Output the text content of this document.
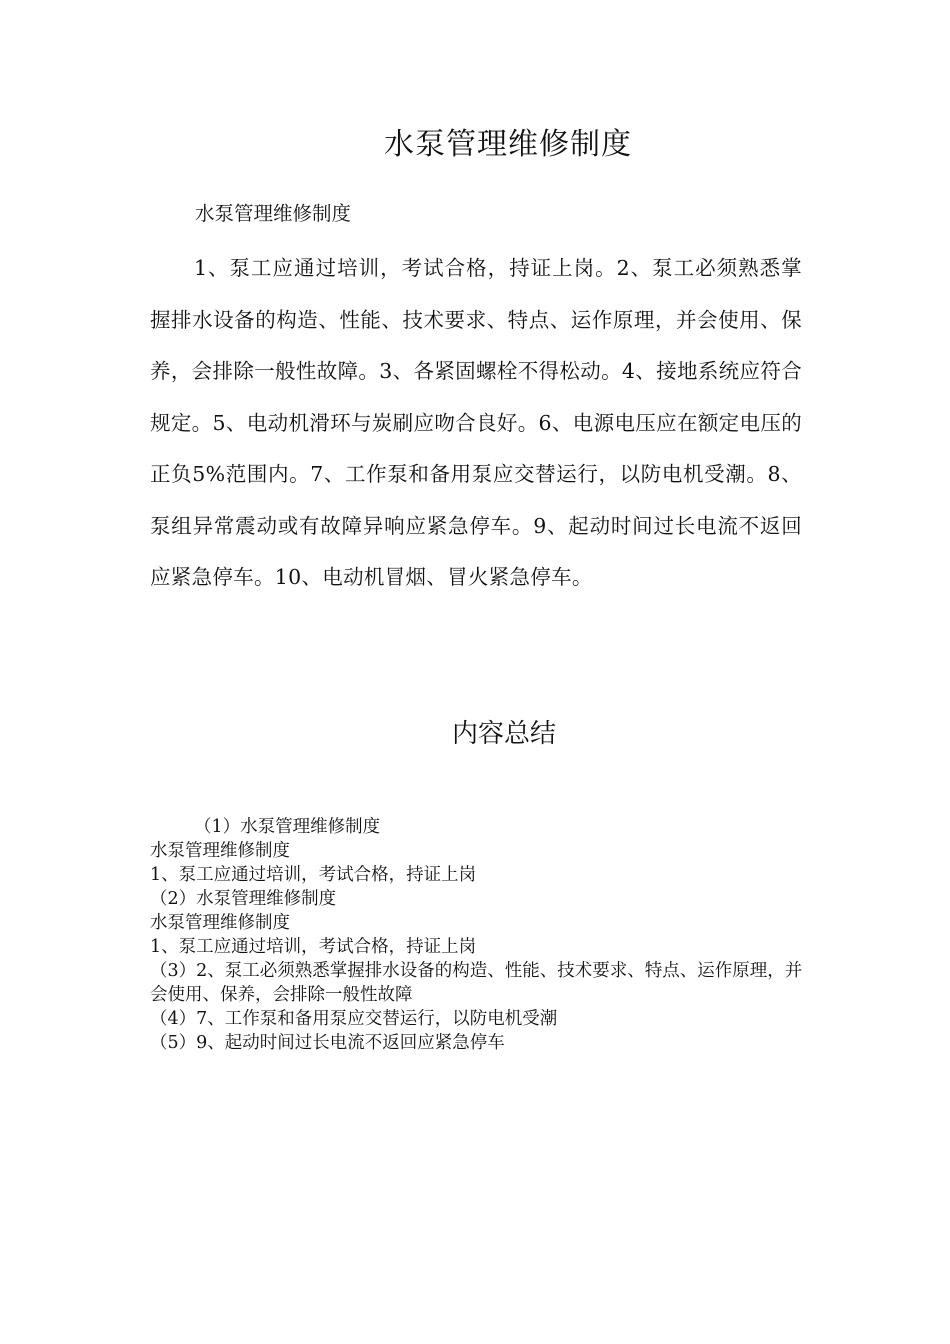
水泵管理维修制度
水泵管理维修制度
1、泵工应通过培训，考试合格，持证上岗。2、泵工必须熟悉掌握排水设备的构造、性能、技术要求、特点、运作原理，并会使用、保养，会排除一般性故障。3、各紧固螺栓不得松动。4、接地系统应符合规定。5、电动机滑环与炭刷应吻合良好。6、电源电压应在额定电压的正负5%范围内。7、工作泵和备用泵应交替运行，以防电机受潮。8、泵组异常震动或有故障异响应紧急停车。9、起动时间过长电流不返回应紧急停车。10、电动机冒烟、冒火紧急停车。
内容总结
（1）水泵管理维修制度
水泵管理维修制度
1、泵工应通过培训，考试合格，持证上岗
（2）水泵管理维修制度
水泵管理维修制度
1、泵工应通过培训，考试合格，持证上岗
（3）2、泵工必须熟悉掌握排水设备的构造、性能、技术要求、特点、运作原理，并会使用、保养，会排除一般性故障
（4）7、工作泵和备用泵应交替运行，以防电机受潮
（5）9、起动时间过长电流不返回应紧急停车
